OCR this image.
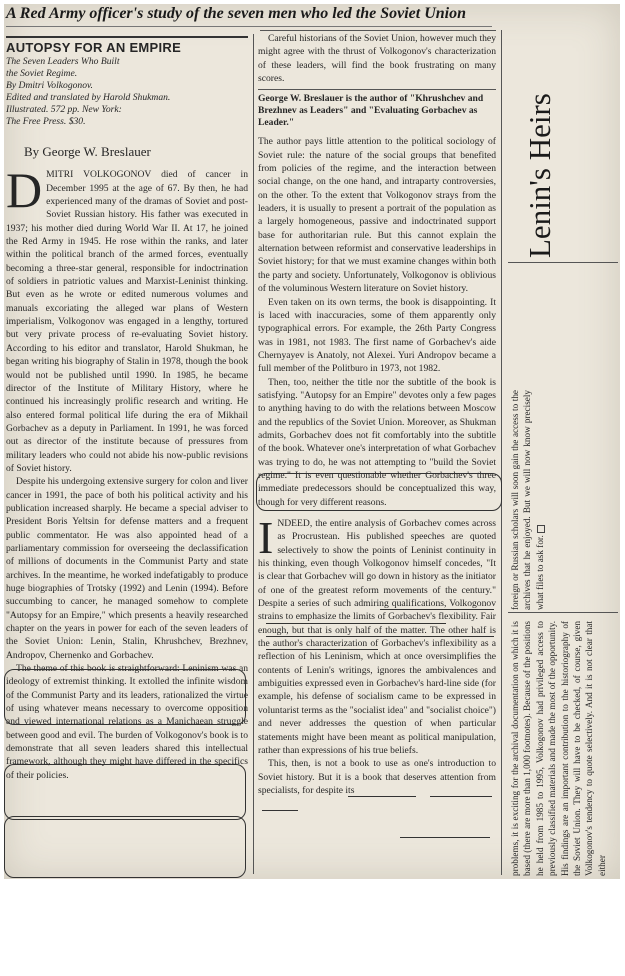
A Red Army officer's study of the seven men who led the Soviet Union
AUTOPSY FOR AN EMPIRE
The Seven Leaders Who Built
the Soviet Regime.
By Dmitri Volkogonov.
Edited and translated by Harold Shukman.
Illustrated. 572 pp. New York:
The Free Press. $30.
By George W. Breslauer

DMITRI VOLKOGONOV died of cancer in December 1995 at the age of 67. By then, he had experienced many of the dramas of Soviet and post-Soviet Russian history. His father was executed in 1937; his mother died during World War II. At 17, he joined the Red Army in 1945. He rose within the ranks, and later within the political branch of the armed forces, eventually becoming a three-star general, responsible for indoctrination of soldiers in patriotic values and Marxist-Leninist thinking. But even as he wrote or edited numerous volumes and manuals excoriating the alleged war plans of Western imperialism, Volkogonov was engaged in a lengthy, tortured but very private process of re-evaluating Soviet history. According to his editor and translator, Harold Shukman, he began writing his biography of Stalin in 1978, though the book would not be published until 1990. In 1985, he became director of the Institute of Military History, where he continued his increasingly prolific research and writing. He also entered formal political life during the era of Mikhail Gorbachev as a deputy in Parliament. In 1991, he was forced out as director of the institute because of pressures from military leaders who could not abide his now-public revisions of Soviet history.

Despite his undergoing extensive surgery for colon and liver cancer in 1991, the pace of both his political activity and his publication increased sharply. He became a special adviser to President Boris Yeltsin for defense matters and a frequent public commentator. He was also appointed head of a parliamentary commission for overseeing the declassification of millions of documents in the Communist Party and state archives. In the meantime, he worked indefatigably to produce huge biographies of Trotsky (1992) and Lenin (1994). Before succumbing to cancer, he managed somehow to complete "Autopsy for an Empire," which presents a heavily researched chapter on the years in power for each of the seven leaders of the Soviet Union: Lenin, Stalin, Khrushchev, Brezhnev, Andropov, Chernenko and Gorbachev.

The theme of this book is straightforward: Leninism was an ideology of extremist thinking. It extolled the infinite wisdom of the Communist Party and its leaders, rationalized the virtue of using whatever means necessary to overcome opposition and viewed international relations as a Manichaean struggle between good and evil. The burden of Volkogonov's book is to demonstrate that all seven leaders shared this intellectual framework, although they might have differed in the specifics of their policies.

Careful historians of the Soviet Union, however much they might agree with the thrust of Volkogonov's characterization of these leaders, will find the book frustrating on many scores.

George W. Breslauer is the author of "Khrushchev and Brezhnev as Leaders" and "Evaluating Gorbachev as Leader."

The author pays little attention to the political sociology of Soviet rule: the nature of the social groups that benefited from policies of the regime, and the interaction between social change, on the one hand, and intraparty controversies, on the other. To the extent that Volkogonov strays from the leaders, it is usually to present a portrait of the population as a largely homogeneous, passive and indoctrinated support base for authoritarian rule. But this cannot explain the alternation between reformist and conservative leaderships in Soviet history; for that we must examine changes within both the party and society. Unfortunately, Volkogonov is oblivious of the voluminous Western literature on Soviet history.

Even taken on its own terms, the book is disappointing. It is laced with inaccuracies, some of them apparently only typographical errors. For example, the 26th Party Congress was in 1981, not 1983. The first name of Gorbachev's aide Chernyayev is Anatoly, not Alexei. Yuri Andropov became a full member of the Politburo in 1973, not 1982.

Then, too, neither the title nor the subtitle of the book is satisfying. "Autopsy for an Empire" devotes only a few pages to anything having to do with the relations between Moscow and the republics of the Soviet Union. Moreover, as Shukman admits, Gorbachev does not fit comfortably into the subtitle of the book. Whatever one's interpretation of what Gorbachev was trying to do, he was not attempting to "build the Soviet regime." It is even questionable whether Gorbachev's three immediate predecessors should be conceptualized this way, though for very different reasons.

INDEED, the entire analysis of Gorbachev comes across as Procrustean. His published speeches are quoted selectively to show the points of Leninist continuity in his thinking, even though Volkogonov himself concedes, "It is clear that Gorbachev will go down in history as the initiator of one of the greatest reform movements of the century." Despite a series of such admiring qualifications, Volkogonov strains to emphasize the limits of Gorbachev's flexibility. Fair enough, but that is only half of the matter. The other half is the author's characterization of Gorbachev's inflexibility as a reflection of his Leninism, which at once oversimplifies the contents of Lenin's writings, ignores the ambivalences and ambiguities expressed even in Gorbachev's hard-line side (for example, his defense of socialism came to be expressed in voluntarist terms as the "socialist idea" and "socialist choice") and never addresses the question of when particular statements might have been meant as political manipulation, rather than expressions of his true beliefs.

This, then, is not a book to use as one's introduction to Soviet history. But it is a book that deserves attention from specialists, for despite its

Lenin's Heirs
foreign or Russian scholars will soon gain the access to the archives that he enjoyed. But we will now know precisely what files to ask for.
problems, it is exciting for the archival documentation on which it is based (there are more than 1,000 footnotes). Because of the positions he held from 1985 to 1995, Volkogonov had privileged access to previously classified materials and made the most of the opportunity. His findings are an important contribution to the historiography of the Soviet Union. They will have to be checked, of course, given Volkogonov's tendency to quote selectively. And it is not clear that either
